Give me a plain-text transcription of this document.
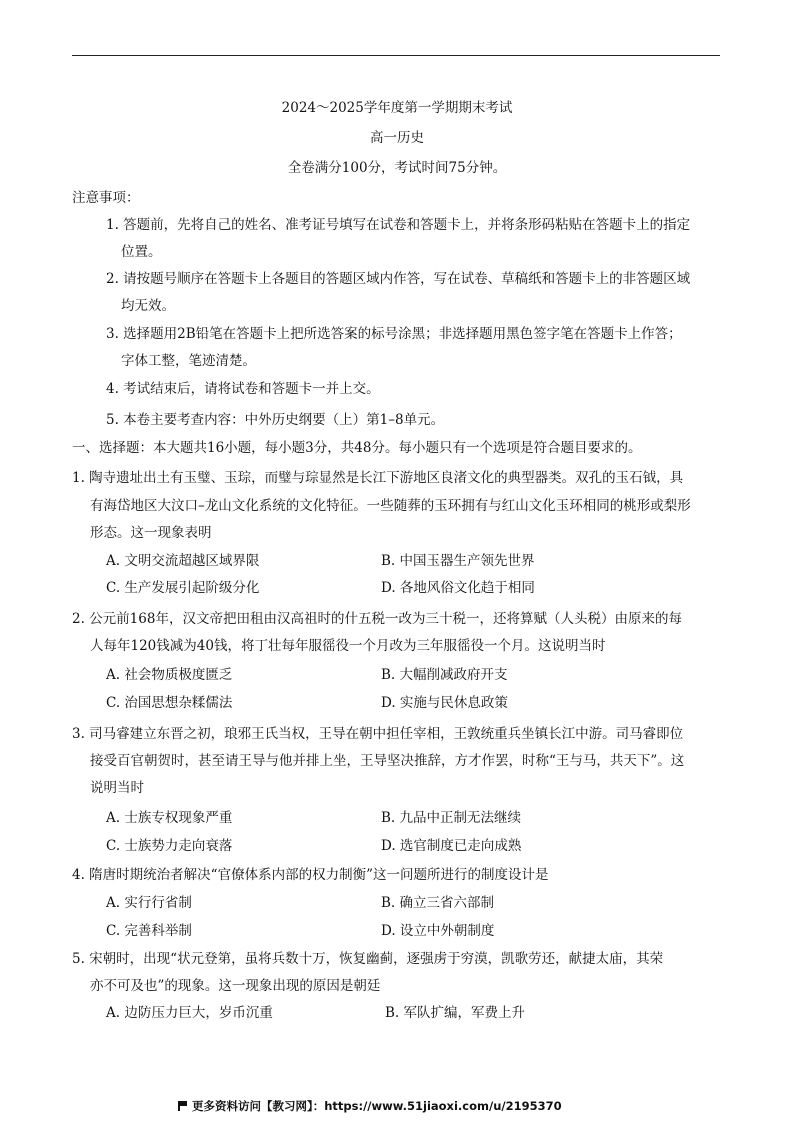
2024～2025学年度第一学期期末考试
高一历史
全卷满分100分，考试时间75分钟。
注意事项：
1. 答题前，先将自己的姓名、准考证号填写在试卷和答题卡上，并将条形码粘贴在答题卡上的指定
位置。
2. 请按题号顺序在答题卡上各题目的答题区域内作答，写在试卷、草稿纸和答题卡上的非答题区域
均无效。
3. 选择题用2B铅笔在答题卡上把所选答案的标号涂黑；非选择题用黑色签字笔在答题卡上作答；
字体工整，笔迹清楚。
4. 考试结束后，请将试卷和答题卡一并上交。
5. 本卷主要考查内容：中外历史纲要（上）第1–8单元。
一、选择题：本大题共16小题，每小题3分，共48分。每小题只有一个选项是符合题目要求的。
1. 陶寺遗址出土有玉璧、玉琮，而璧与琮显然是长江下游地区良渚文化的典型器类。双孔的玉石钺，具
有海岱地区大汶口–龙山文化系统的文化特征。一些随葬的玉环拥有与红山文化玉环相同的桃形或梨形
形态。这一现象表明
A. 文明交流超越区域界限	B. 中国玉器生产领先世界
C. 生产发展引起阶级分化	D. 各地风俗文化趋于相同
2. 公元前168年，汉文帝把田租由汉高祖时的什五税一改为三十税一，还将算赋（人头税）由原来的每
人每年120钱减为40钱，将丁壮每年服徭役一个月改为三年服徭役一个月。这说明当时
A. 社会物质极度匮乏	B. 大幅削减政府开支
C. 治国思想杂糅儒法	D. 实施与民休息政策
3. 司马睿建立东晋之初，琅邪王氏当权，王导在朝中担任宰相，王敦统重兵坐镇长江中游。司马睿即位
接受百官朝贺时，甚至请王导与他并排上坐，王导坚决推辞，方才作罢，时称“王与马，共天下”。这
说明当时
A. 士族专权现象严重	B. 九品中正制无法继续
C. 士族势力走向衰落	D. 选官制度已走向成熟
4. 隋唐时期统治者解决“官僚体系内部的权力制衡”这一问题所进行的制度设计是
A. 实行行省制	B. 确立三省六部制
C. 完善科举制	D. 设立中外朝制度
5. 宋朝时，出现“状元登第，虽将兵数十万，恢复幽蓟，逐强虏于穷漠，凯歌劳还，献捷太庙，其荣
亦不可及也”的现象。这一现象出现的原因是朝廷
A. 边防压力巨大，岁币沉重	B. 军队扩编，军费上升
更多资料访问【教习网】：https://www.51jiaoxi.com/u/2195370
